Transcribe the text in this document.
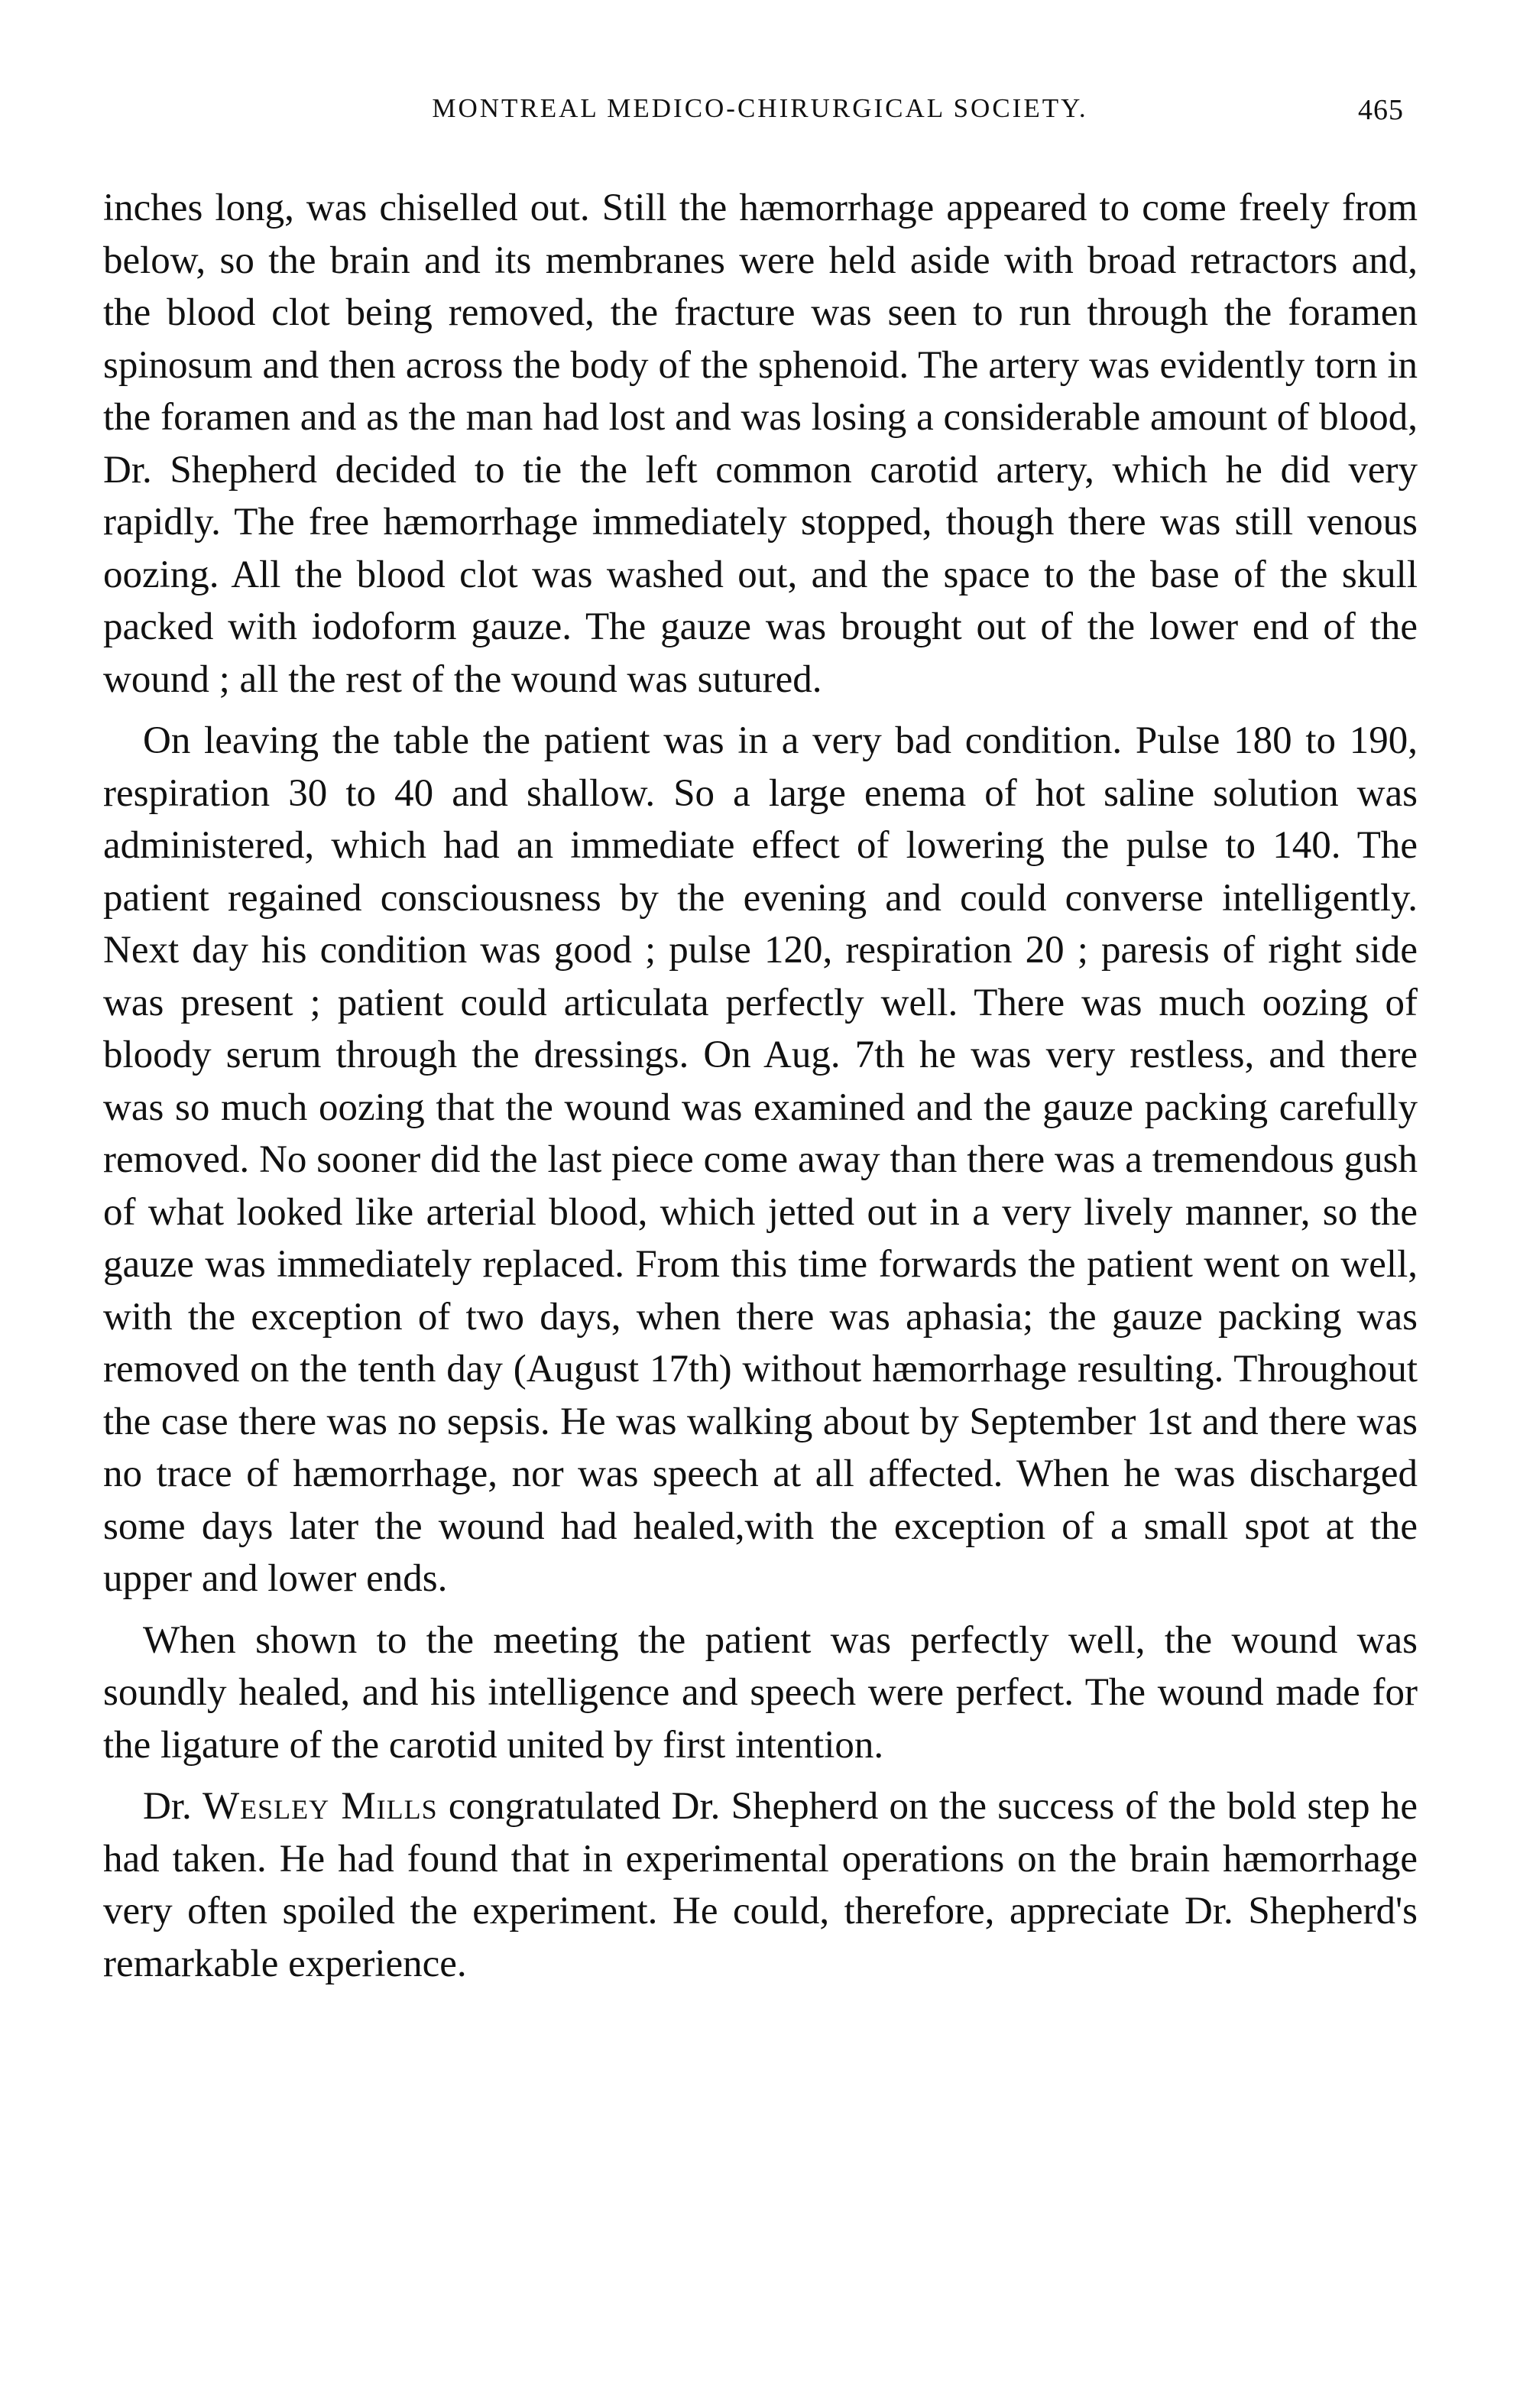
MONTREAL MEDICO-CHIRURGICAL SOCIETY.	465

inches long, was chiselled out. Still the hæmorrhage appeared to come freely from below, so the brain and its membranes were held aside with broad retractors and, the blood clot being removed, the fracture was seen to run through the foramen spinosum and then across the body of the sphenoid. The artery was evidently torn in the foramen and as the man had lost and was losing a considerable amount of blood, Dr. Shepherd decided to tie the left common carotid artery, which he did very rapidly. The free hæmorrhage immediately stopped, though there was still venous oozing. All the blood clot was washed out, and the space to the base of the skull packed with iodoform gauze. The gauze was brought out of the lower end of the wound ; all the rest of the wound was sutured.

On leaving the table the patient was in a very bad condition. Pulse 180 to 190, respiration 30 to 40 and shallow. So a large enema of hot saline solution was administered, which had an immediate effect of lowering the pulse to 140. The patient regained consciousness by the evening and could converse intelligently. Next day his condition was good ; pulse 120, respiration 20 ; paresis of right side was present ; patient could articulata perfectly well. There was much oozing of bloody serum through the dressings. On Aug. 7th he was very restless, and there was so much oozing that the wound was examined and the gauze packing carefully removed. No sooner did the last piece come away than there was a tremendous gush of what looked like arterial blood, which jetted out in a very lively manner, so the gauze was immediately replaced. From this time forwards the patient went on well, with the exception of two days, when there was aphasia; the gauze packing was removed on the tenth day (August 17th) without hæmorrhage resulting. Throughout the case there was no sepsis. He was walking about by September 1st and there was no trace of hæmorrhage, nor was speech at all affected. When he was discharged some days later the wound had healed,with the exception of a small spot at the upper and lower ends.

When shown to the meeting the patient was perfectly well, the wound was soundly healed, and his intelligence and speech were perfect. The wound made for the ligature of the carotid united by first intention.

Dr. Wesley Mills congratulated Dr. Shepherd on the success of the bold step he had taken. He had found that in experimental operations on the brain hæmorrhage very often spoiled the experiment. He could, therefore, appreciate Dr. Shepherd's remarkable experience.
